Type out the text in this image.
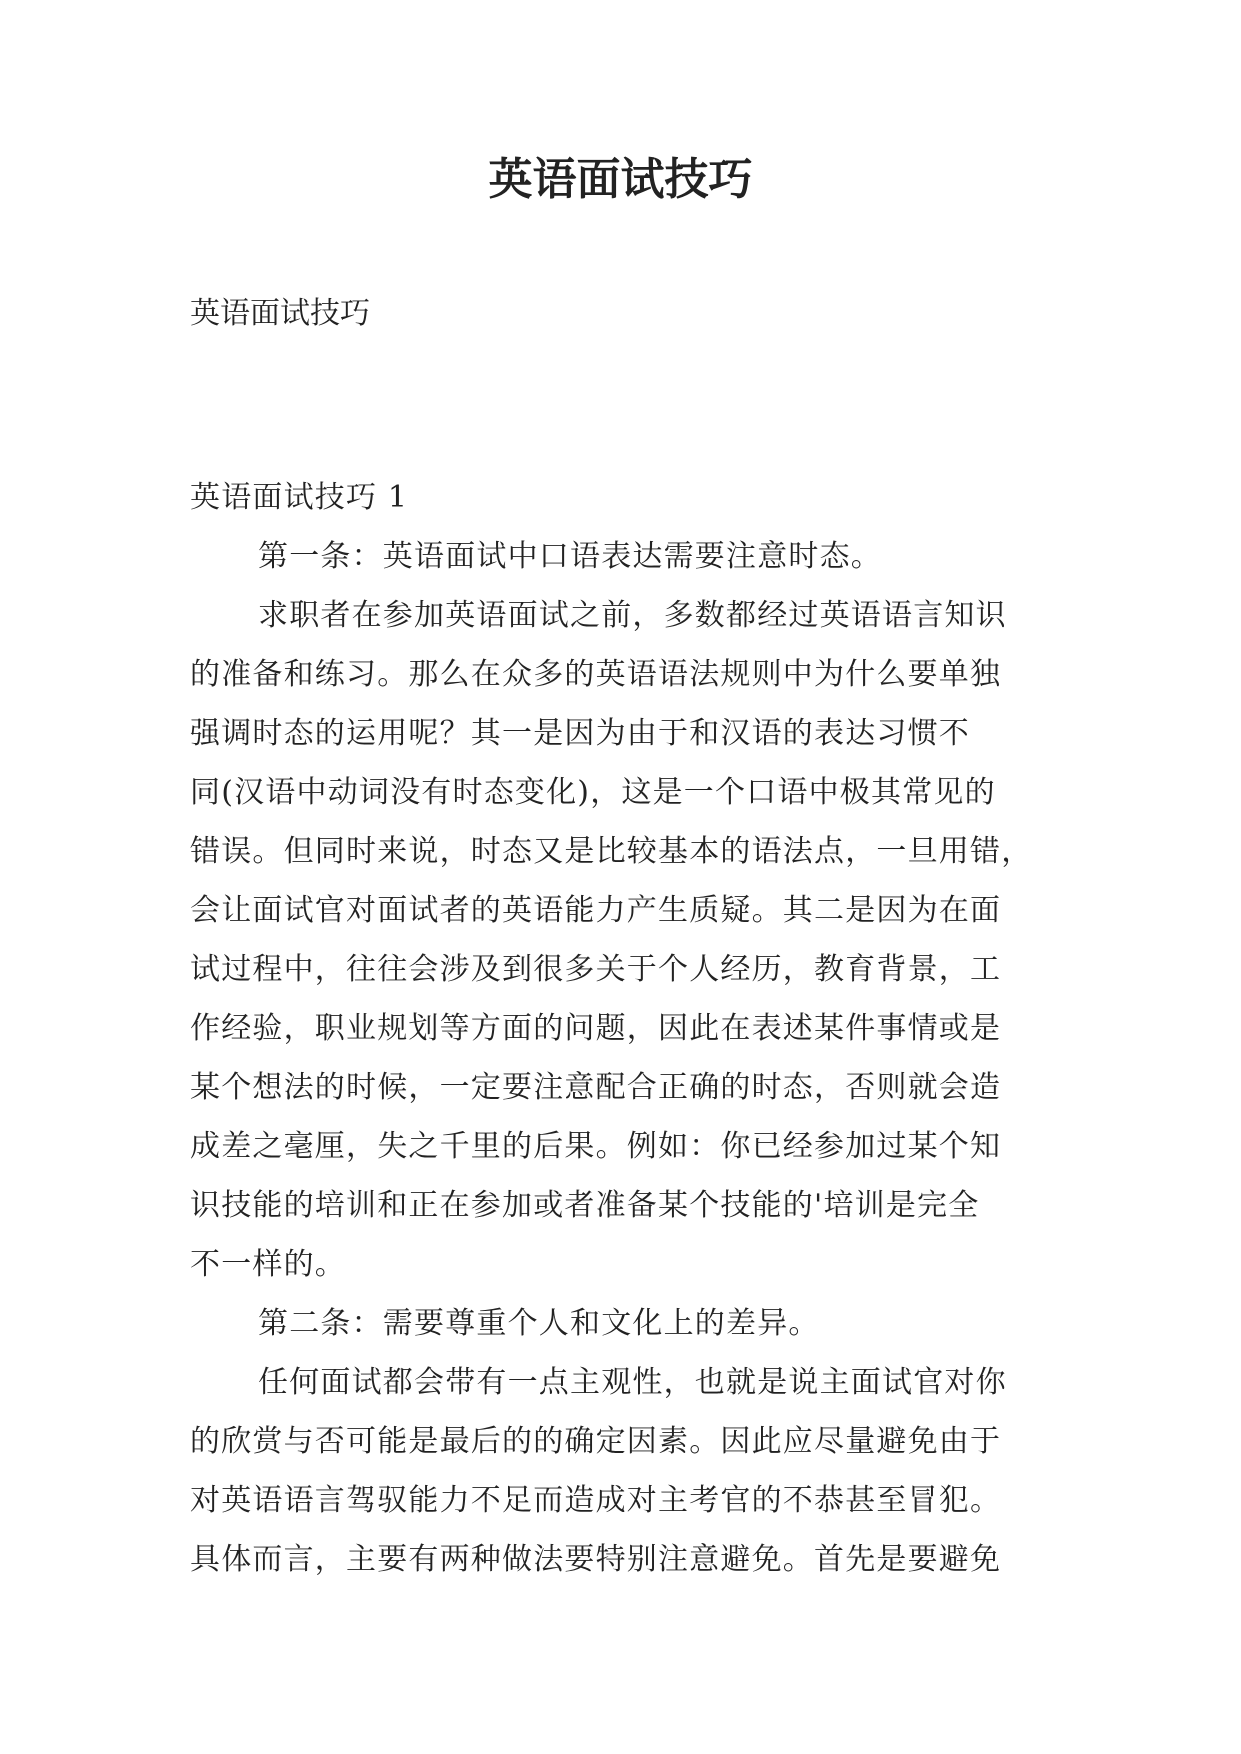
英语面试技巧

英语面试技巧

英语面试技巧 1

第一条：英语面试中口语表达需要注意时态。

求职者在参加英语面试之前，多数都经过英语语言知识

的准备和练习。那么在众多的英语语法规则中为什么要单独

强调时态的运用呢？其一是因为由于和汉语的表达习惯不

同(汉语中动词没有时态变化)，这是一个口语中极其常见的

错误。但同时来说，时态又是比较基本的语法点，一旦用错，

会让面试官对面试者的英语能力产生质疑。其二是因为在面

试过程中，往往会涉及到很多关于个人经历，教育背景，工

作经验，职业规划等方面的问题，因此在表述某件事情或是

某个想法的时候，一定要注意配合正确的时态，否则就会造

成差之毫厘，失之千里的后果。例如：你已经参加过某个知

识技能的培训和正在参加或者准备某个技能的'培训是完全

不一样的。

第二条：需要尊重个人和文化上的差异。

任何面试都会带有一点主观性，也就是说主面试官对你

的欣赏与否可能是最后的的确定因素。因此应尽量避免由于

对英语语言驾驭能力不足而造成对主考官的不恭甚至冒犯。

具体而言，主要有两种做法要特别注意避免。首先是要避免
